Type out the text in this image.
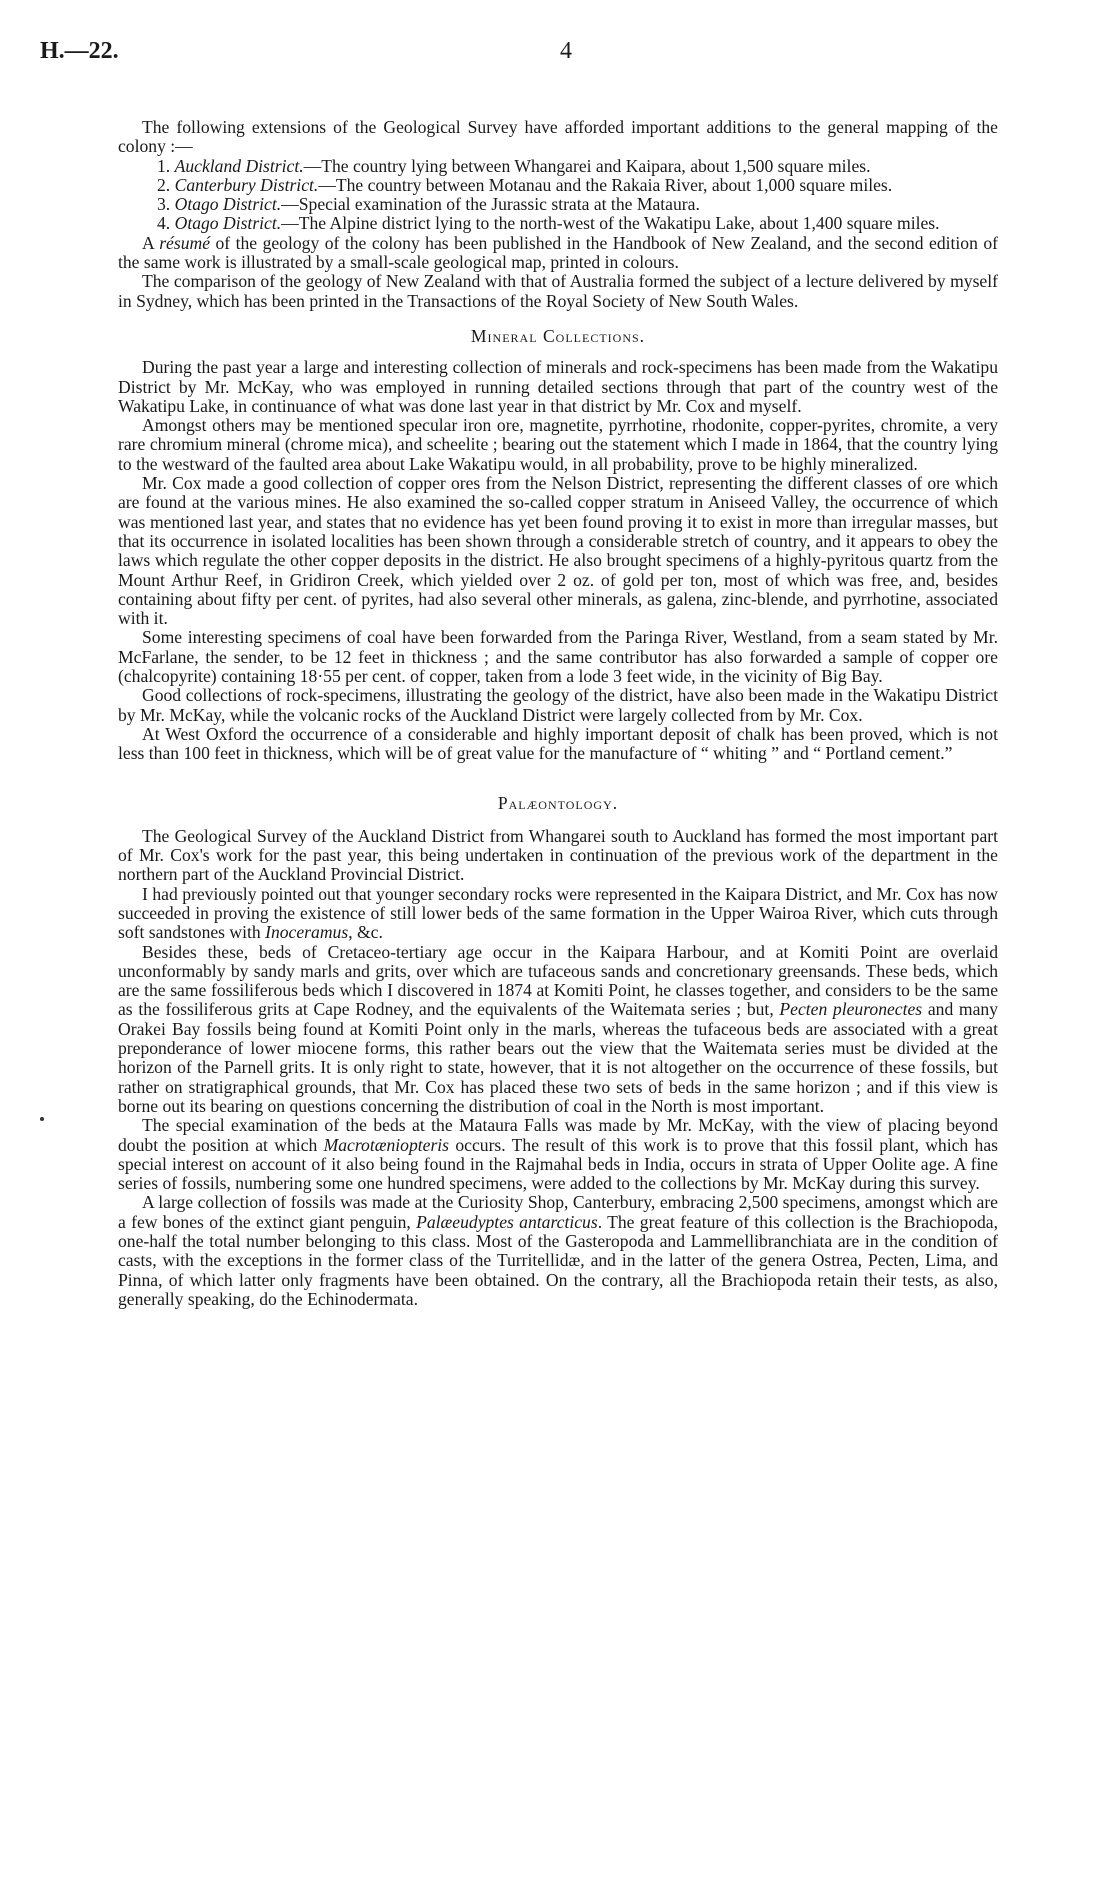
H.—22.	4

The following extensions of the Geological Survey have afforded important additions to the general mapping of the colony :—

1. Auckland District.—The country lying between Whangarei and Kaipara, about 1,500 square miles.
2. Canterbury District.—The country between Motanau and the Rakaia River, about 1,000 square miles.
3. Otago District.—Special examination of the Jurassic strata at the Mataura.
4. Otago District.—The Alpine district lying to the north-west of the Wakatipu Lake, about 1,400 square miles.

A résumé of the geology of the colony has been published in the Handbook of New Zealand, and the second edition of the same work is illustrated by a small-scale geological map, printed in colours.

The comparison of the geology of New Zealand with that of Australia formed the subject of a lecture delivered by myself in Sydney, which has been printed in the Transactions of the Royal Society of New South Wales.

Mineral Collections.

During the past year a large and interesting collection of minerals and rock-specimens has been made from the Wakatipu District by Mr. McKay, who was employed in running detailed sections through that part of the country west of the Wakatipu Lake, in continuance of what was done last year in that district by Mr. Cox and myself.

Amongst others may be mentioned specular iron ore, magnetite, pyrrhotine, rhodonite, copper-pyrites, chromite, a very rare chromium mineral (chrome mica), and scheelite ; bearing out the statement which I made in 1864, that the country lying to the westward of the faulted area about Lake Wakatipu would, in all probability, prove to be highly mineralized.

Mr. Cox made a good collection of copper ores from the Nelson District, representing the different classes of ore which are found at the various mines. He also examined the so-called copper stratum in Aniseed Valley, the occurrence of which was mentioned last year, and states that no evidence has yet been found proving it to exist in more than irregular masses, but that its occurrence in isolated localities has been shown through a considerable stretch of country, and it appears to obey the laws which regulate the other copper deposits in the district. He also brought specimens of a highly-pyritous quartz from the Mount Arthur Reef, in Gridiron Creek, which yielded over 2 oz. of gold per ton, most of which was free, and, besides containing about fifty per cent. of pyrites, had also several other minerals, as galena, zinc-blende, and pyrrhotine, associated with it.

Some interesting specimens of coal have been forwarded from the Paringa River, Westland, from a seam stated by Mr. McFarlane, the sender, to be 12 feet in thickness ; and the same contributor has also forwarded a sample of copper ore (chalcopyrite) containing 18·55 per cent. of copper, taken from a lode 3 feet wide, in the vicinity of Big Bay.

Good collections of rock-specimens, illustrating the geology of the district, have also been made in the Wakatipu District by Mr. McKay, while the volcanic rocks of the Auckland District were largely collected from by Mr. Cox.

At West Oxford the occurrence of a considerable and highly important deposit of chalk has been proved, which is not less than 100 feet in thickness, which will be of great value for the manufacture of “ whiting ” and “ Portland cement.”

Palæontology.

The Geological Survey of the Auckland District from Whangarei south to Auckland has formed the most important part of Mr. Cox's work for the past year, this being undertaken in continuation of the previous work of the department in the northern part of the Auckland Provincial District.

I had previously pointed out that younger secondary rocks were represented in the Kaipara District, and Mr. Cox has now succeeded in proving the existence of still lower beds of the same formation in the Upper Wairoa River, which cuts through soft sandstones with Inoceramus, &c.

Besides these, beds of Cretaceo-tertiary age occur in the Kaipara Harbour, and at Komiti Point are overlaid unconformably by sandy marls and grits, over which are tufaceous sands and concretionary greensands. These beds, which are the same fossiliferous beds which I discovered in 1874 at Komiti Point, he classes together, and considers to be the same as the fossiliferous grits at Cape Rodney, and the equivalents of the Waitemata series ; but, Pecten pleuronectes and many Orakei Bay fossils being found at Komiti Point only in the marls, whereas the tufaceous beds are associated with a great preponderance of lower miocene forms, this rather bears out the view that the Waitemata series must be divided at the horizon of the Parnell grits. It is only right to state, however, that it is not altogether on the occurrence of these fossils, but rather on stratigraphical grounds, that Mr. Cox has placed these two sets of beds in the same horizon ; and if this view is borne out its bearing on questions concerning the distribution of coal in the North is most important.

The special examination of the beds at the Mataura Falls was made by Mr. McKay, with the view of placing beyond doubt the position at which Macrotæniopteris occurs. The result of this work is to prove that this fossil plant, which has special interest on account of it also being found in the Rajmahal beds in India, occurs in strata of Upper Oolite age. A fine series of fossils, numbering some one hundred specimens, were added to the collections by Mr. McKay during this survey.

A large collection of fossils was made at the Curiosity Shop, Canterbury, embracing 2,500 specimens, amongst which are a few bones of the extinct giant penguin, Palæeudyptes antarcticus. The great feature of this collection is the Brachiopoda, one-half the total number belonging to this class. Most of the Gasteropoda and Lammellibranchiata are in the condition of casts, with the exceptions in the former class of the Turritellidæ, and in the latter of the genera Ostrea, Pecten, Lima, and Pinna, of which latter only fragments have been obtained. On the contrary, all the Brachiopoda retain their tests, as also, generally speaking, do the Echinodermata.
